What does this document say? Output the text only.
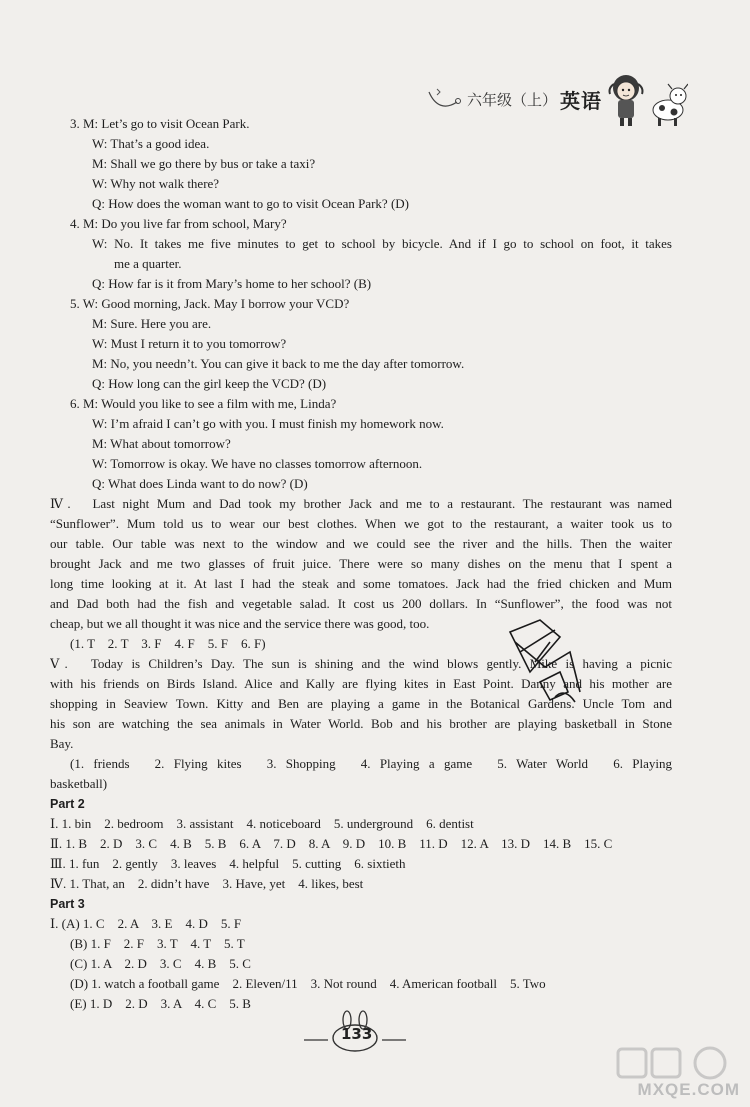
六年级（上） 英语
3. M: Let’s go to visit Ocean Park.
W: That’s a good idea.
M: Shall we go there by bus or take a taxi?
W: Why not walk there?
Q: How does the woman want to go to visit Ocean Park? (D)
4. M: Do you live far from school, Mary?
W: No. It takes me five minutes to get to school by bicycle. And if I go to school on foot, it takes
me a quarter.
Q: How far is it from Mary’s home to her school? (B)
5. W: Good morning, Jack. May I borrow your VCD?
M: Sure. Here you are.
W: Must I return it to you tomorrow?
M: No, you needn’t. You can give it back to me the day after tomorrow.
Q: How long can the girl keep the VCD? (D)
6. M: Would you like to see a film with me, Linda?
W: I’m afraid I can’t go with you. I must finish my homework now.
M: What about tomorrow?
W: Tomorrow is okay. We have no classes tomorrow afternoon.
Q: What does Linda want to do now? (D)
Ⅳ.　Last night Mum and Dad took my brother Jack and me to a restaurant. The restaurant was named
“Sunflower”. Mum told us to wear our best clothes. When we got to the restaurant, a waiter took us to
our table. Our table was next to the window and we could see the river and the hills. Then the waiter
brought Jack and me two glasses of fruit juice. There were so many dishes on the menu that I spent a
long time looking at it. At last I had the steak and some tomatoes. Jack had the fried chicken and Mum
and Dad both had the fish and vegetable salad. It cost us 200 dollars. In “Sunflower”, the food was not
cheap, but we all thought it was nice and the service there was good, too.
(1. T　2. T　3. F　4. F　5. F　6. F)
Ⅴ.　Today is Children’s Day. The sun is shining and the wind blows gently. Mike is having a picnic
with his friends on Birds Island. Alice and Kally are flying kites in East Point. Danny and his mother are
shopping in Seaview Town. Kitty and Ben are playing a game in the Botanical Gardens. Uncle Tom and
his son are watching the sea animals in Water World. Bob and his brother are playing basketball in Stone
Bay.
(1. friends　2. Flying kites　3. Shopping　4. Playing a game　5. Water World　6. Playing
basketball)
Part 2
Ⅰ. 1. bin　2. bedroom　3. assistant　4. noticeboard　5. underground　6. dentist
Ⅱ. 1. B　2. D　3. C　4. B　5. B　6. A　7. D　8. A　9. D　10. B　11. D　12. A　13. D　14. B　15. C
Ⅲ. 1. fun　2. gently　3. leaves　4. helpful　5. cutting　6. sixtieth
Ⅳ. 1. That, an　2. didn’t have　3. Have, yet　4. likes, best
Part 3
Ⅰ. (A) 1. C　2. A　3. E　4. D　5. F
(B) 1. F　2. F　3. T　4. T　5. T
(C) 1. A　2. D　3. C　4. B　5. C
(D) 1. watch a football game　2. Eleven/11　3. Not round　4. American football　5. Two
(E) 1. D　2. D　3. A　4. C　5. B
133
MXQE.COM
